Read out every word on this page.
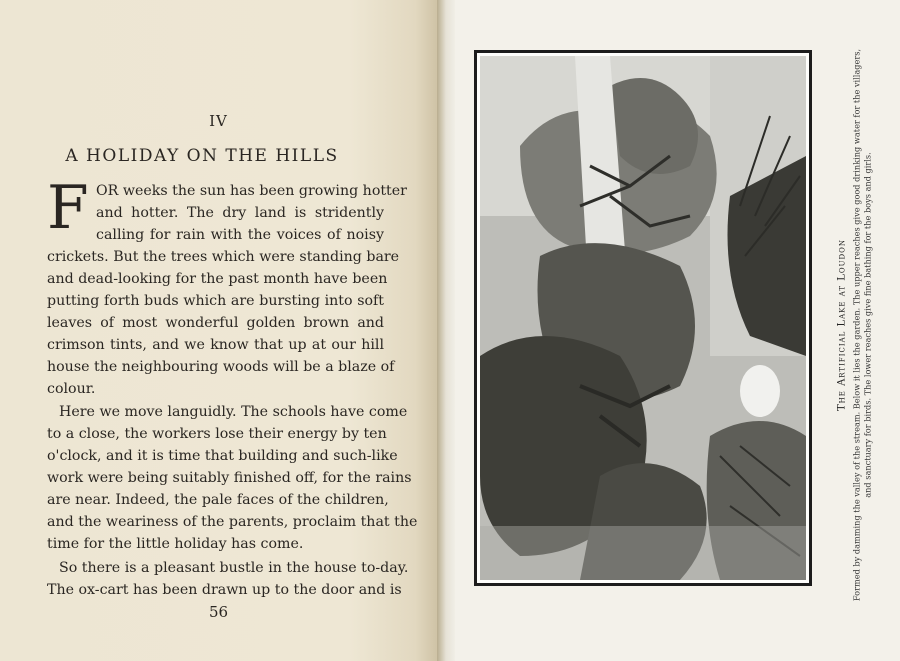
IV
A HOLIDAY ON THE HILLS
F OR weeks the sun has been growing hotter
and hotter. The dry land is stridently
calling for rain with the voices of noisy
crickets. But the trees which were standing bare
and dead-looking for the past month have been
putting forth buds which are bursting into soft
leaves of most wonderful golden brown and
crimson tints, and we know that up at our hill
house the neighbouring woods will be a blaze of
colour.
Here we move languidly. The schools have come
to a close, the workers lose their energy by ten
o'clock, and it is time that building and such-like
work were being suitably finished off, for the rains
are near. Indeed, the pale faces of the children,
and the weariness of the parents, proclaim that the
time for the little holiday has come.
So there is a pleasant bustle in the house to-day.
The ox-cart has been drawn up to the door and is
56
The Artificial Lake at Loudon Formed by damming the valley of the stream. Below it lies the garden. The upper reaches give good drinking water for the villagers, and sanctuary for birds. The lower reaches give fine bathing for the boys and girls.
